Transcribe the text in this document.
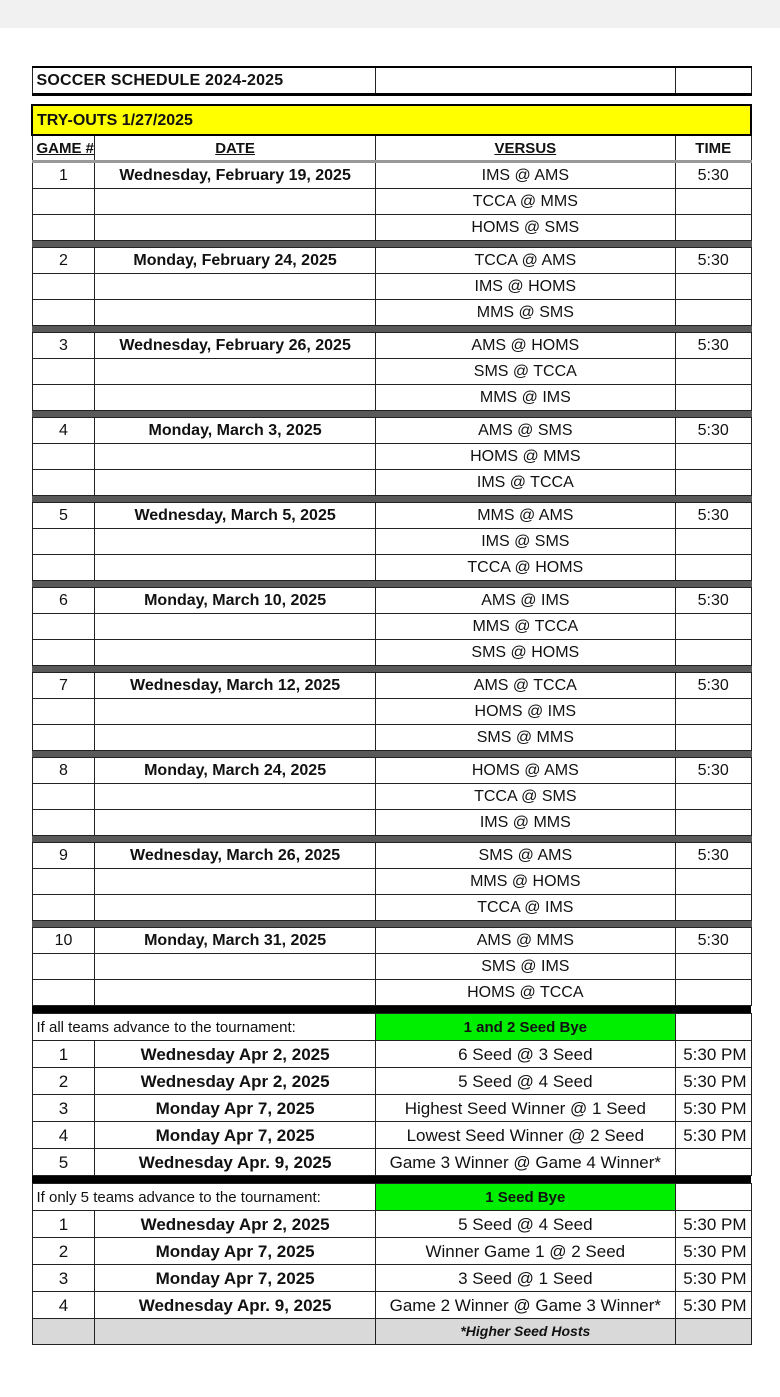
SOCCER SCHEDULE 2024-2025			

TRY-OUTS 1/27/2025			
GAME #	DATE	VERSUS	TIME
1	Wednesday, February 19, 2025	IMS @ AMS	5:30
		TCCA @ MMS	
		HOMS @ SMS	

2	Monday, February 24, 2025	TCCA @ AMS	5:30
		IMS @ HOMS	
		MMS @ SMS	

3	Wednesday, February 26, 2025	AMS @ HOMS	5:30
		SMS @ TCCA	
		MMS @ IMS	

4	Monday, March 3, 2025	AMS @ SMS	5:30
		HOMS @ MMS	
		IMS @ TCCA	

5	Wednesday, March 5, 2025	MMS @ AMS	5:30
		IMS @ SMS	
		TCCA @ HOMS	

6	Monday, March 10, 2025	AMS @ IMS	5:30
		MMS @ TCCA	
		SMS @ HOMS	

7	Wednesday, March 12, 2025	AMS @ TCCA	5:30
		HOMS @ IMS	
		SMS @ MMS	

8	Monday, March 24, 2025	HOMS @ AMS	5:30
		TCCA @ SMS	
		IMS @ MMS	

9	Wednesday, March 26, 2025	SMS @ AMS	5:30
		MMS @ HOMS	
		TCCA @ IMS	

10	Monday, March 31, 2025	AMS @ MMS	5:30
		SMS @ IMS	
		HOMS @ TCCA	

If all teams advance to the tournament:		1 and 2 Seed Bye	
1	Wednesday Apr 2, 2025	6 Seed @ 3 Seed	5:30 PM
2	Wednesday Apr 2, 2025	5 Seed @ 4 Seed	5:30 PM
3	Monday Apr 7, 2025	Highest Seed Winner @ 1 Seed	5:30 PM
4	Monday Apr 7, 2025	Lowest Seed Winner @ 2 Seed	5:30 PM
5	Wednesday Apr. 9, 2025	Game 3 Winner @ Game 4 Winner*	

If only 5 teams advance to the tournament:		1 Seed Bye	
1	Wednesday Apr 2, 2025	5 Seed @ 4 Seed	5:30 PM
2	Monday Apr 7, 2025	Winner Game 1 @ 2 Seed	5:30 PM
3	Monday Apr 7, 2025	3 Seed @ 1 Seed	5:30 PM
4	Wednesday Apr. 9, 2025	Game 2 Winner @ Game 3 Winner*	5:30 PM
		*Higher Seed Hosts	
